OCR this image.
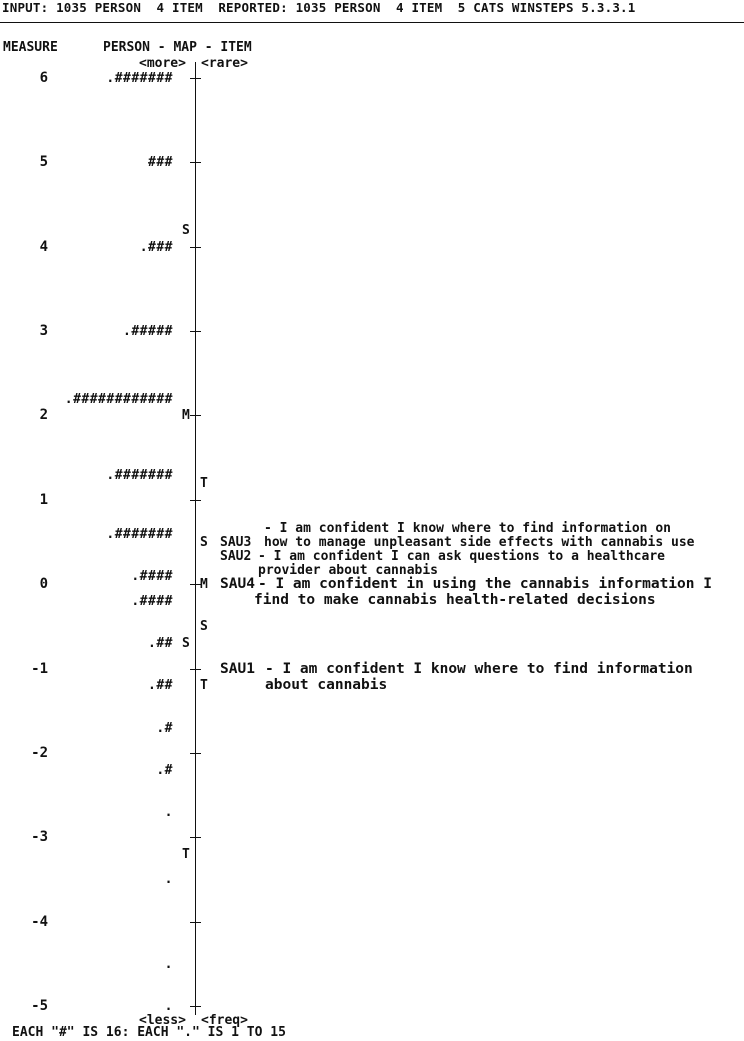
INPUT: 1035 PERSON  4 ITEM  REPORTED: 1035 PERSON  4 ITEM  5 CATS WINSTEPS 5.3.3.1
MEASURE	PERSON - MAP - ITEM
<more> <rare>
6
5
4
3
2
1
0
-1
-2
-3
-4
-5
.#######
###
.###
.#####
.############
.#######
.#######
.####
.####
.##
.##
.#
.#
.
.
.
.
S
M
S
T
T
S
M
S
T
SAU3
- I am confident I know where to find information on
how to manage unpleasant side effects with cannabis use
SAU2 - I am confident I can ask questions to a healthcare
provider about cannabis
SAU4 - I am confident in using the cannabis information I
find to make cannabis health-related decisions
SAU1 - I am confident I know where to find information
about cannabis
<less> <freq>
EACH "#" IS 16: EACH "." IS 1 TO 15
